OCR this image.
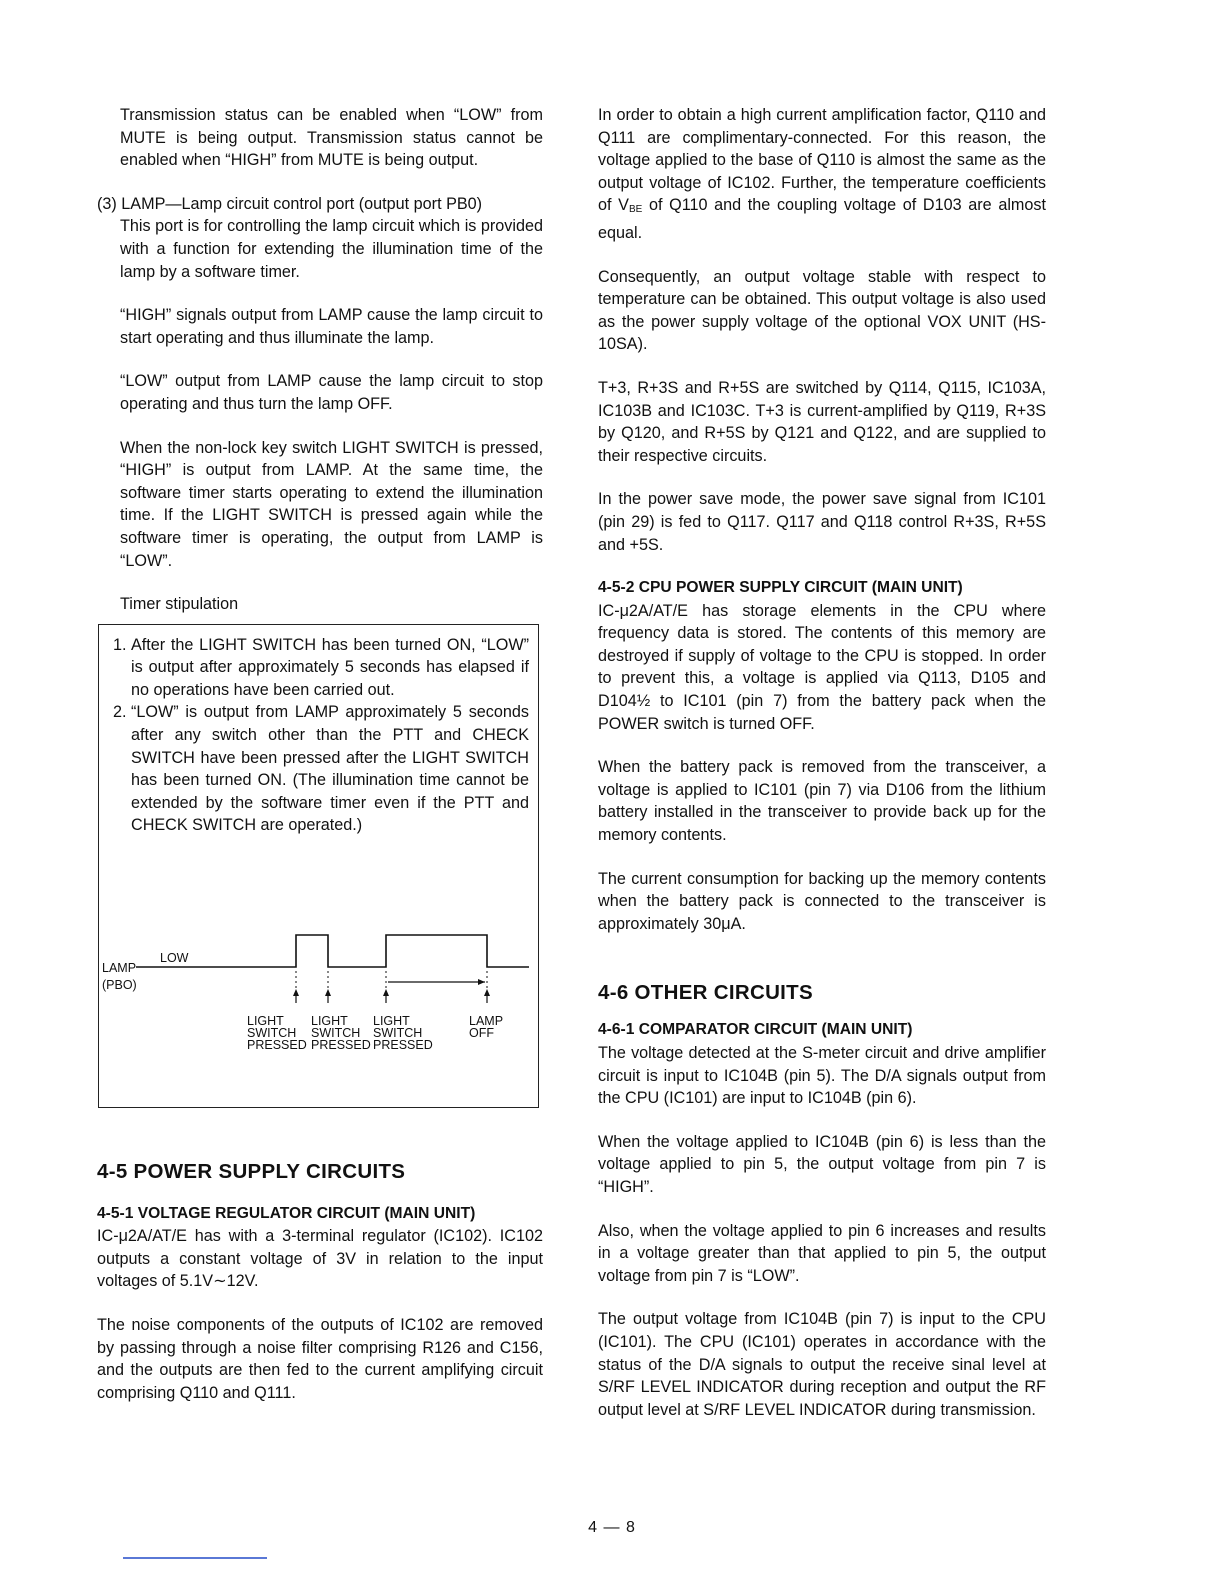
Transmission status can be enabled when “LOW” from MUTE is being output. Transmission status cannot be enabled when “HIGH” from MUTE is being output.

(3) LAMP—Lamp circuit control port (output port PB0)

This port is for controlling the lamp circuit which is provided with a function for extending the illumination time of the lamp by a software timer.

“HIGH” signals output from LAMP cause the lamp circuit to start operating and thus illuminate the lamp.

“LOW” output from LAMP cause the lamp circuit to stop operating and thus turn the lamp OFF.

When the non-lock key switch LIGHT SWITCH is pressed, “HIGH” is output from LAMP. At the same time, the software timer starts operating to extend the illumination time. If the LIGHT SWITCH is pressed again while the software timer is operating, the output from LAMP is “LOW”.

Timer stipulation

1. After the LIGHT SWITCH has been turned ON, “LOW” is output after approximately 5 seconds has elapsed if no operations have been carried out.
2. “LOW” is output from LAMP approximately 5 seconds after any switch other than the PTT and CHECK SWITCH have been pressed after the LIGHT SWITCH has been turned ON. (The illumination time cannot be extended by the software timer even if the PTT and CHECK SWITCH are operated.)
LAMP
(PBO)
LOW
LIGHT
SWITCH
PRESSED
LIGHT
SWITCH
PRESSED
LIGHT
SWITCH
PRESSED
LAMP
OFF

4-5 POWER SUPPLY CIRCUITS

4-5-1 VOLTAGE REGULATOR CIRCUIT (MAIN UNIT)

IC-μ2A/AT/E has with a 3-terminal regulator (IC102). IC102 outputs a constant voltage of 3V in relation to the input voltages of 5.1V∼12V.

The noise components of the outputs of IC102 are removed by passing through a noise filter comprising R126 and C156, and the outputs are then fed to the current amplifying circuit comprising Q110 and Q111.

In order to obtain a high current amplification factor, Q110 and Q111 are complimentary-connected. For this reason, the voltage applied to the base of Q110 is almost the same as the output voltage of IC102. Further, the temperature coefficients of $V_{BE}$ of Q110 and the coupling voltage of D103 are almost equal.

Consequently, an output voltage stable with respect to temperature can be obtained. This output voltage is also used as the power supply voltage of the optional VOX UNIT (HS-10SA).

T+3, R+3S and R+5S are switched by Q114, Q115, IC103A, IC103B and IC103C. T+3 is current-amplified by Q119, R+3S by Q120, and R+5S by Q121 and Q122, and are supplied to their respective circuits.

In the power save mode, the power save signal from IC101 (pin 29) is fed to Q117. Q117 and Q118 control R+3S, R+5S and +5S.

4-5-2 CPU POWER SUPPLY CIRCUIT (MAIN UNIT)

IC-μ2A/AT/E has storage elements in the CPU where frequency data is stored. The contents of this memory are destroyed if supply of voltage to the CPU is stopped. In order to prevent this, a voltage is applied via Q113, D105 and D104½ to IC101 (pin 7) from the battery pack when the POWER switch is turned OFF.

When the battery pack is removed from the transceiver, a voltage is applied to IC101 (pin 7) via D106 from the lithium battery installed in the transceiver to provide back up for the memory contents.

The current consumption for backing up the memory contents when the battery pack is connected to the transceiver is approximately 30μA.

4-6 OTHER CIRCUITS

4-6-1 COMPARATOR CIRCUIT (MAIN UNIT)

The voltage detected at the S-meter circuit and drive amplifier circuit is input to IC104B (pin 5). The D/A signals output from the CPU (IC101) are input to IC104B (pin 6).

When the voltage applied to IC104B (pin 6) is less than the voltage applied to pin 5, the output voltage from pin 7 is “HIGH”.

Also, when the voltage applied to pin 6 increases and results in a voltage greater than that applied to pin 5, the output voltage from pin 7 is “LOW”.

The output voltage from IC104B (pin 7) is input to the CPU (IC101). The CPU (IC101) operates in accordance with the status of the D/A signals to output the receive sinal level at S/RF LEVEL INDICATOR during reception and output the RF output level at S/RF LEVEL INDICATOR during transmission.

4 — 8
